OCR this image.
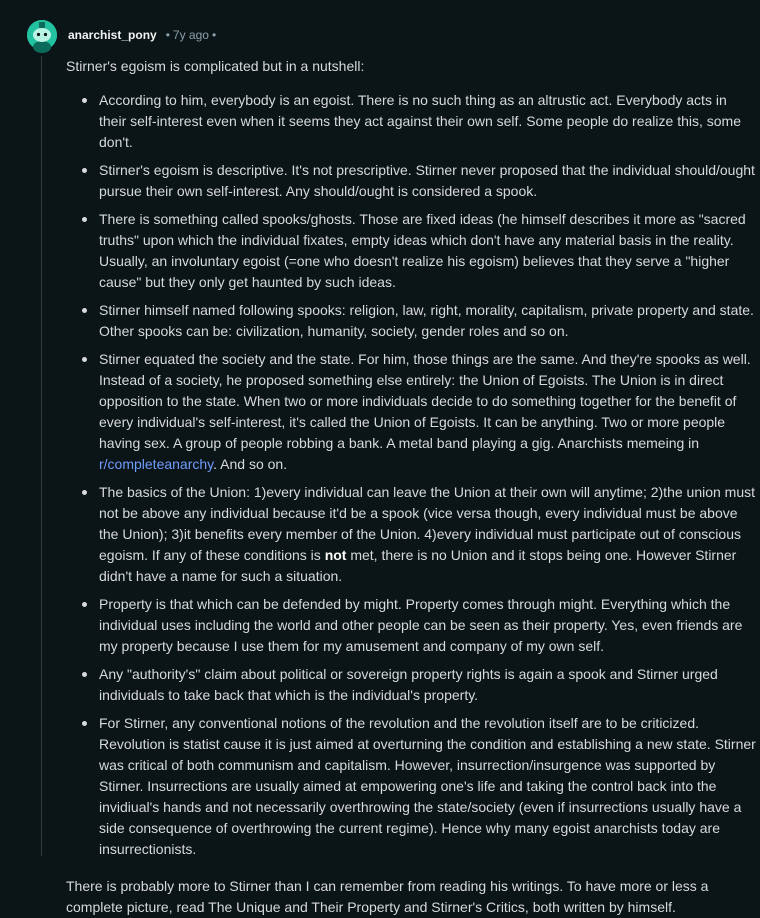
anarchist_pony • 7y ago •

Stirner's egoism is complicated but in a nutshell:

According to him, everybody is an egoist. There is no such thing as an altrustic act. Everybody acts in their self-interest even when it seems they act against their own self. Some people do realize this, some don't.
Stirner's egoism is descriptive. It's not prescriptive. Stirner never proposed that the individual should/ought pursue their own self-interest. Any should/ought is considered a spook.
There is something called spooks/ghosts. Those are fixed ideas (he himself describes it more as "sacred truths" upon which the individual fixates, empty ideas which don't have any material basis in the reality. Usually, an involuntary egoist (=one who doesn't realize his egoism) believes that they serve a "higher cause" but they only get haunted by such ideas.
Stirner himself named following spooks: religion, law, right, morality, capitalism, private property and state. Other spooks can be: civilization, humanity, society, gender roles and so on.
Stirner equated the society and the state. For him, those things are the same. And they're spooks as well. Instead of a society, he proposed something else entirely: the Union of Egoists. The Union is in direct opposition to the state. When two or more individuals decide to do something together for the benefit of every individual's self-interest, it's called the Union of Egoists. It can be anything. Two or more people having sex. A group of people robbing a bank. A metal band playing a gig. Anarchists memeing in r/completeanarchy. And so on.
The basics of the Union: 1)every individual can leave the Union at their own will anytime; 2)the union must not be above any individual because it'd be a spook (vice versa though, every individual must be above the Union); 3)it benefits every member of the Union. 4)every individual must participate out of conscious egoism. If any of these conditions is not met, there is no Union and it stops being one. However Stirner didn't have a name for such a situation.
Property is that which can be defended by might. Property comes through might. Everything which the individual uses including the world and other people can be seen as their property. Yes, even friends are my property because I use them for my amusement and company of my own self.
Any "authority's" claim about political or sovereign property rights is again a spook and Stirner urged individuals to take back that which is the individual's property.
For Stirner, any conventional notions of the revolution and the revolution itself are to be criticized. Revolution is statist cause it is just aimed at overturning the condition and establishing a new state. Stirner was critical of both communism and capitalism. However, insurrection/insurgence was supported by Stirner. Insurrections are usually aimed at empowering one's life and taking the control back into the invidiual's hands and not necessarily overthrowing the state/society (even if insurrections usually have a side consequence of overthrowing the current regime). Hence why many egoist anarchists today are insurrectionists.

There is probably more to Stirner than I can remember from reading his writings. To have more or less a complete picture, read The Unique and Their Property and Stirner's Critics, both written by himself.
